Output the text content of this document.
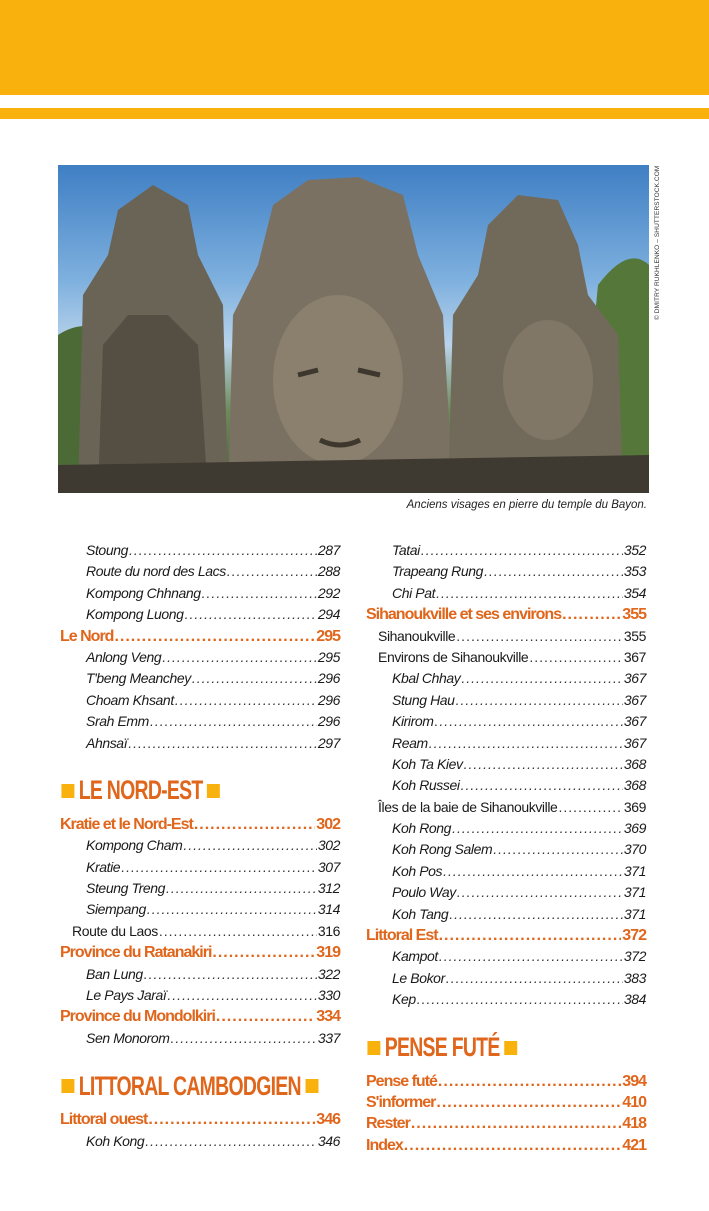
© DMITRY RUKHLENKO – SHUTTERSTOCK.COM
Anciens visages en pierre du temple du Bayon.
Stoung .....	287
Route du nord des Lacs .....	288
Kompong Chhnang .....	292
Kompong Luong .....	294
Le Nord .....	295
Anlong Veng .....	295
T'beng Meanchey .....	296
Choam Khsant .....	296
Srah Emm .....	296
Ahnsaï .....	297
LE NORD-EST
Kratie et le Nord-Est .....	302
Kompong Cham .....	302
Kratie .....	307
Steung Treng .....	312
Siempang .....	314
Route du Laos .....	316
Province du Ratanakiri .....	319
Ban Lung .....	322
Le Pays Jaraï .....	330
Province du Mondolkiri .....	334
Sen Monorom .....	337
LITTORAL CAMBODGIEN
Littoral ouest .....	346
Koh Kong .....	346
Tatai .....	352
Trapeang Rung .....	353
Chi Pat .....	354
Sihanoukville et ses environs .....	355
Sihanoukville .....	355
Environs de Sihanoukville .....	367
Kbal Chhay .....	367
Stung Hau .....	367
Kirirom .....	367
Ream .....	367
Koh Ta Kiev .....	368
Koh Russei .....	368
Îles de la baie de Sihanoukville .....	369
Koh Rong .....	369
Koh Rong Salem .....	370
Koh Pos .....	371
Poulo Way .....	371
Koh Tang .....	371
Littoral Est .....	372
Kampot .....	372
Le Bokor .....	383
Kep .....	384
PENSE FUTÉ
Pense futé .....	394
S'informer .....	410
Rester .....	418
Index .....	421
